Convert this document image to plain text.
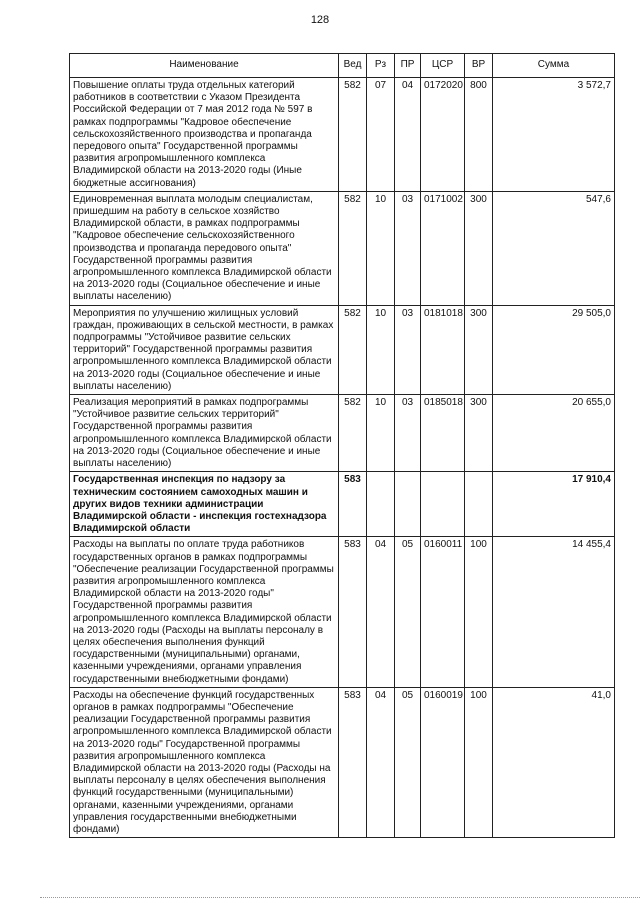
128
Наименование	Вед	Рз	ПР	ЦСР	ВР	Сумма
Повышение оплаты труда отдельных категорий работников в соответствии с Указом Президента Российской Федерации от 7 мая 2012 года № 597 в рамках подпрограммы "Кадровое обеспечение сельскохозяйственного производства и пропаганда передового опыта" Государственной программы развития агропромышленного комплекса Владимирской области на 2013-2020 годы (Иные бюджетные ассигнования)	582	07	04	0172020	800	3 572,7
Единовременная выплата молодым специалистам, пришедшим на работу в сельское хозяйство Владимирской области, в рамках подпрограммы "Кадровое обеспечение сельскохозяйственного производства и пропаганда передового опыта" Государственной программы развития агропромышленного комплекса Владимирской области на 2013-2020 годы (Социальное обеспечение и иные выплаты населению)	582	10	03	0171002	300	547,6
Мероприятия по улучшению жилищных условий граждан, проживающих в сельской местности, в рамках подпрограммы "Устойчивое развитие сельских территорий" Государственной программы развития агропромышленного комплекса Владимирской области на 2013-2020 годы (Социальное обеспечение и иные выплаты населению)	582	10	03	0181018	300	29 505,0
Реализация мероприятий в рамках подпрограммы "Устойчивое развитие сельских территорий" Государственной программы развития агропромышленного комплекса Владимирской области на 2013-2020 годы (Социальное обеспечение и иные выплаты населению)	582	10	03	0185018	300	20 655,0
Государственная инспекция по надзору за техническим состоянием самоходных машин и других видов техники администрации Владимирской области - инспекция гостехнадзора Владимирской области	583					17 910,4
Расходы на выплаты по оплате труда работников государственных органов в рамках подпрограммы "Обеспечение реализации Государственной программы развития агропромышленного комплекса Владимирской области на 2013-2020 годы" Государственной программы развития агропромышленного комплекса Владимирской области на 2013-2020 годы (Расходы на выплаты персоналу в целях обеспечения выполнения функций государственными (муниципальными) органами, казенными учреждениями, органами управления государственными внебюджетными фондами)	583	04	05	0160011	100	14 455,4
Расходы на обеспечение функций государственных органов в рамках подпрограммы "Обеспечение реализации Государственной программы развития агропромышленного комплекса Владимирской области на 2013-2020 годы" Государственной программы развития агропромышленного комплекса Владимирской области на 2013-2020 годы (Расходы на выплаты персоналу в целях обеспечения выполнения функций государственными (муниципальными) органами, казенными учреждениями, органами управления государственными внебюджетными фондами)	583	04	05	0160019	100	41,0
